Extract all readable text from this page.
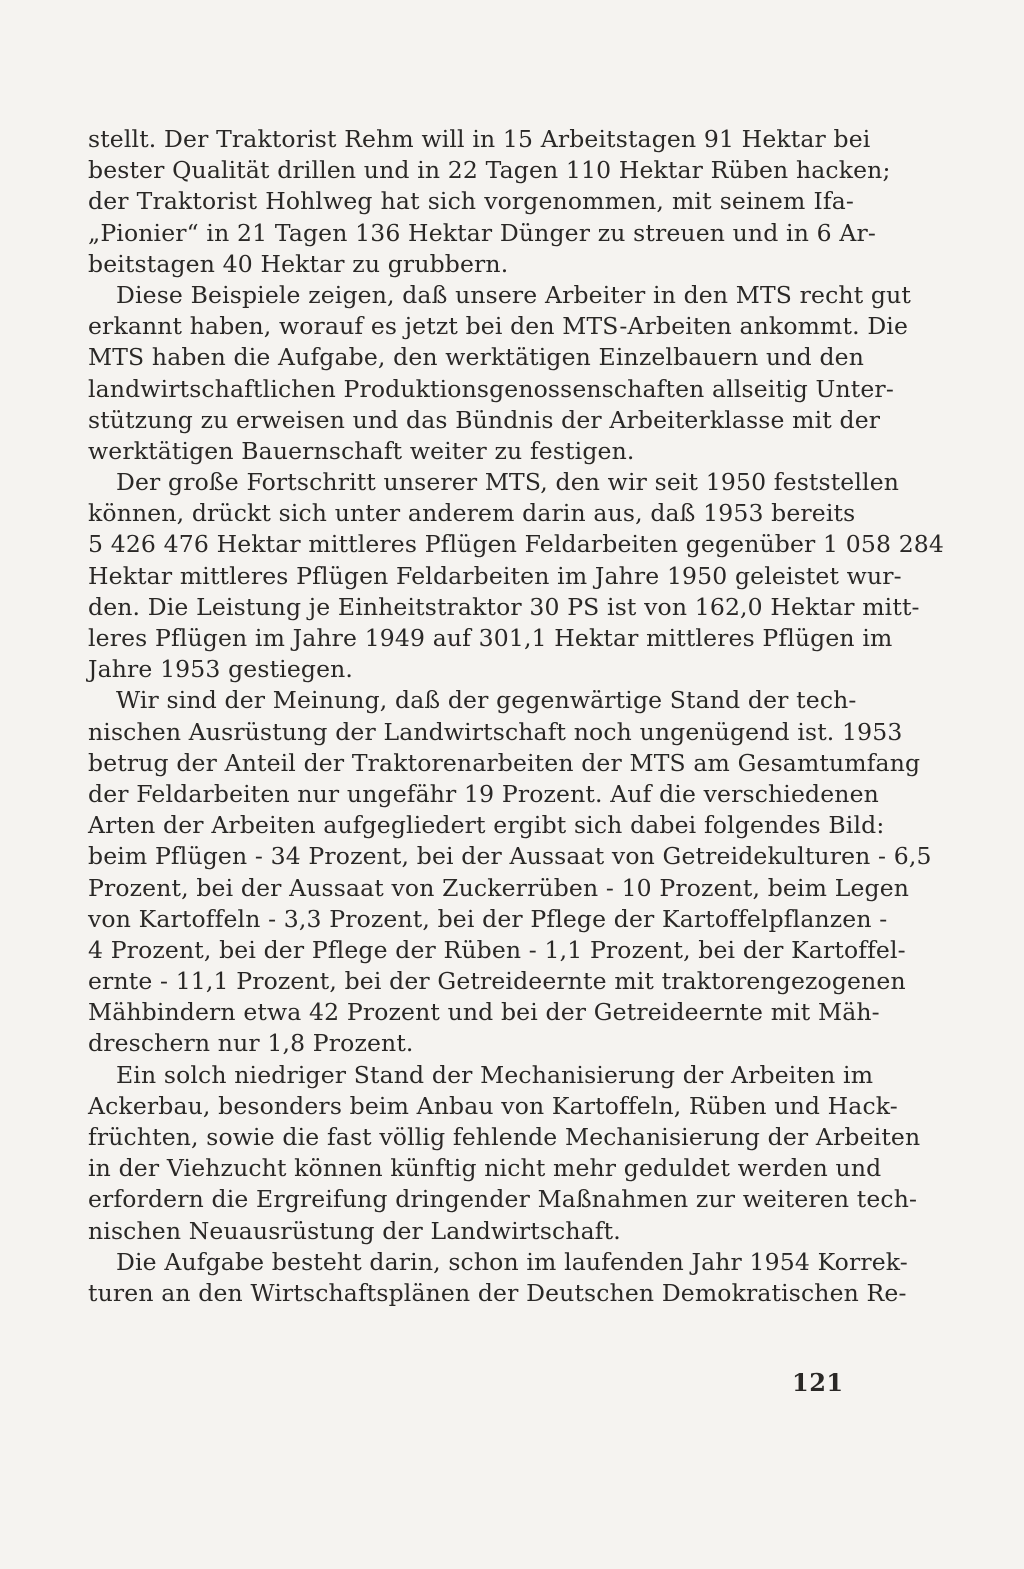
stellt. Der Traktorist Rehm will in 15 Arbeitstagen 91 Hektar bei
bester Qualität drillen und in 22 Tagen 110 Hektar Rüben hacken;
der Traktorist Hohlweg hat sich vorgenommen, mit seinem Ifa-
„Pionier“ in 21 Tagen 136 Hektar Dünger zu streuen und in 6 Ar-
beitstagen 40 Hektar zu grubbern.
Diese Beispiele zeigen, daß unsere Arbeiter in den MTS recht gut
erkannt haben, worauf es jetzt bei den MTS-Arbeiten ankommt. Die
MTS haben die Aufgabe, den werktätigen Einzelbauern und den
landwirtschaftlichen Produktionsgenossenschaften allseitig Unter-
stützung zu erweisen und das Bündnis der Arbeiterklasse mit der
werktätigen Bauernschaft weiter zu festigen.
Der große Fortschritt unserer MTS, den wir seit 1950 feststellen
können, drückt sich unter anderem darin aus, daß 1953 bereits
5 426 476 Hektar mittleres Pflügen Feldarbeiten gegenüber 1 058 284
Hektar mittleres Pflügen Feldarbeiten im Jahre 1950 geleistet wur-
den. Die Leistung je Einheitstraktor 30 PS ist von 162,0 Hektar mitt-
leres Pflügen im Jahre 1949 auf 301,1 Hektar mittleres Pflügen im
Jahre 1953 gestiegen.
Wir sind der Meinung, daß der gegenwärtige Stand der tech-
nischen Ausrüstung der Landwirtschaft noch ungenügend ist. 1953
betrug der Anteil der Traktorenarbeiten der MTS am Gesamtumfang
der Feldarbeiten nur ungefähr 19 Prozent. Auf die verschiedenen
Arten der Arbeiten aufgegliedert ergibt sich dabei folgendes Bild:
beim Pflügen - 34 Prozent, bei der Aussaat von Getreidekulturen - 6,5
Prozent, bei der Aussaat von Zuckerrüben - 10 Prozent, beim Legen
von Kartoffeln - 3,3 Prozent, bei der Pflege der Kartoffelpflanzen -
4 Prozent, bei der Pflege der Rüben - 1,1 Prozent, bei der Kartoffel-
ernte - 11,1 Prozent, bei der Getreideernte mit traktorengezogenen
Mähbindern etwa 42 Prozent und bei der Getreideernte mit Mäh-
dreschern nur 1,8 Prozent.
Ein solch niedriger Stand der Mechanisierung der Arbeiten im
Ackerbau, besonders beim Anbau von Kartoffeln, Rüben und Hack-
früchten, sowie die fast völlig fehlende Mechanisierung der Arbeiten
in der Viehzucht können künftig nicht mehr geduldet werden und
erfordern die Ergreifung dringender Maßnahmen zur weiteren tech-
nischen Neuausrüstung der Landwirtschaft.
Die Aufgabe besteht darin, schon im laufenden Jahr 1954 Korrek-
turen an den Wirtschaftsplänen der Deutschen Demokratischen Re-
121
